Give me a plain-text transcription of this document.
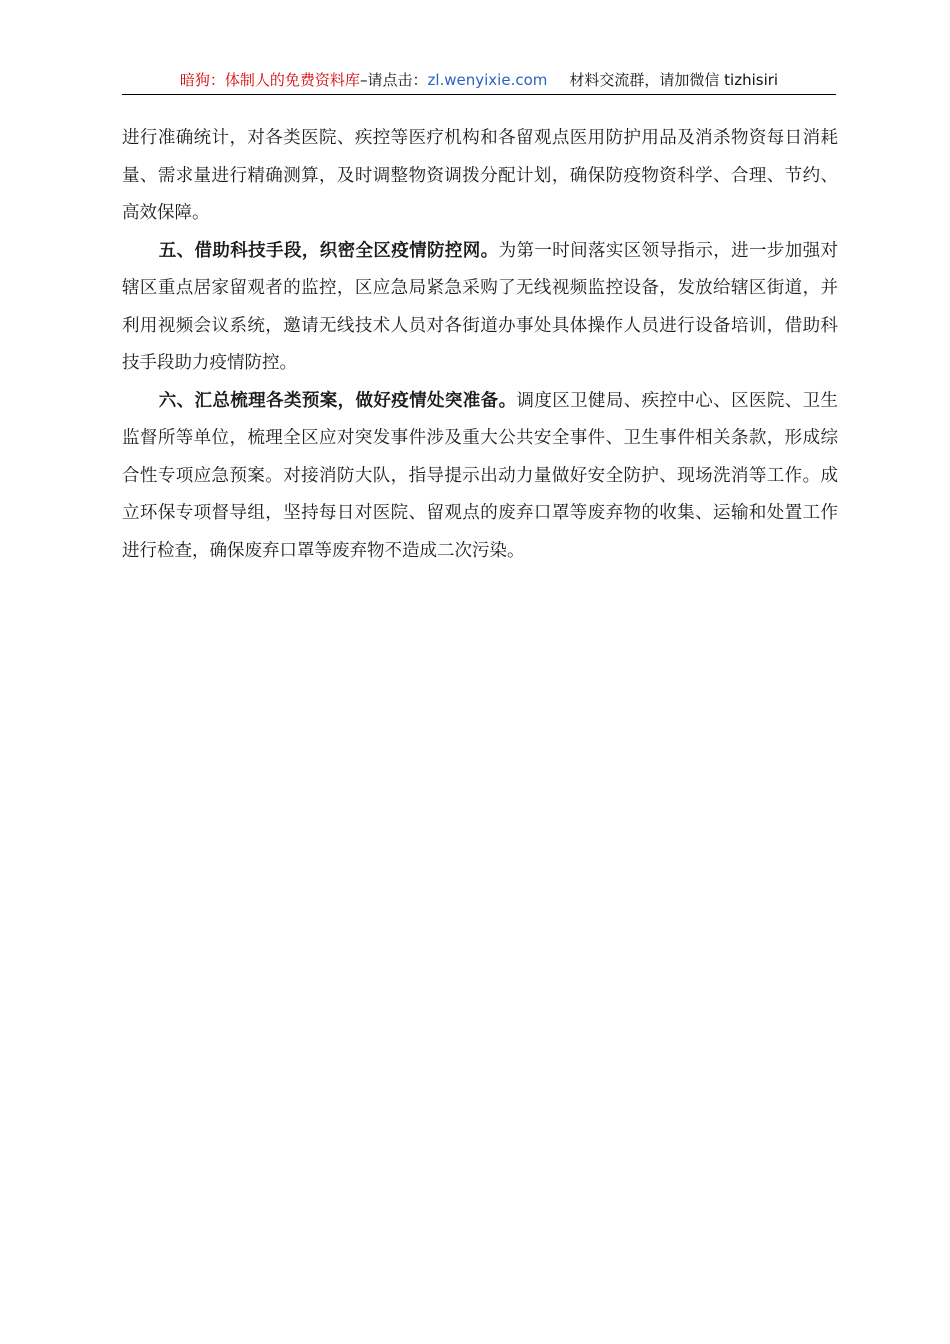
暗狗：体制人的免费资料库–请点击：zl.wenyixie.com 材料交流群，请加微信 tizhisiri

进行准确统计，对各类医院、疾控等医疗机构和各留观点医用防护用品及消杀物资每日消耗量、需求量进行精确测算，及时调整物资调拨分配计划，确保防疫物资科学、合理、节约、高效保障。

五、借助科技手段，织密全区疫情防控网。为第一时间落实区领导指示，进一步加强对辖区重点居家留观者的监控，区应急局紧急采购了无线视频监控设备，发放给辖区街道，并利用视频会议系统，邀请无线技术人员对各街道办事处具体操作人员进行设备培训，借助科技手段助力疫情防控。

六、汇总梳理各类预案，做好疫情处突准备。调度区卫健局、疾控中心、区医院、卫生监督所等单位，梳理全区应对突发事件涉及重大公共安全事件、卫生事件相关条款，形成综合性专项应急预案。对接消防大队，指导提示出动力量做好安全防护、现场洗消等工作。成立环保专项督导组，坚持每日对医院、留观点的废弃口罩等废弃物的收集、运输和处置工作进行检查，确保废弃口罩等废弃物不造成二次污染。
